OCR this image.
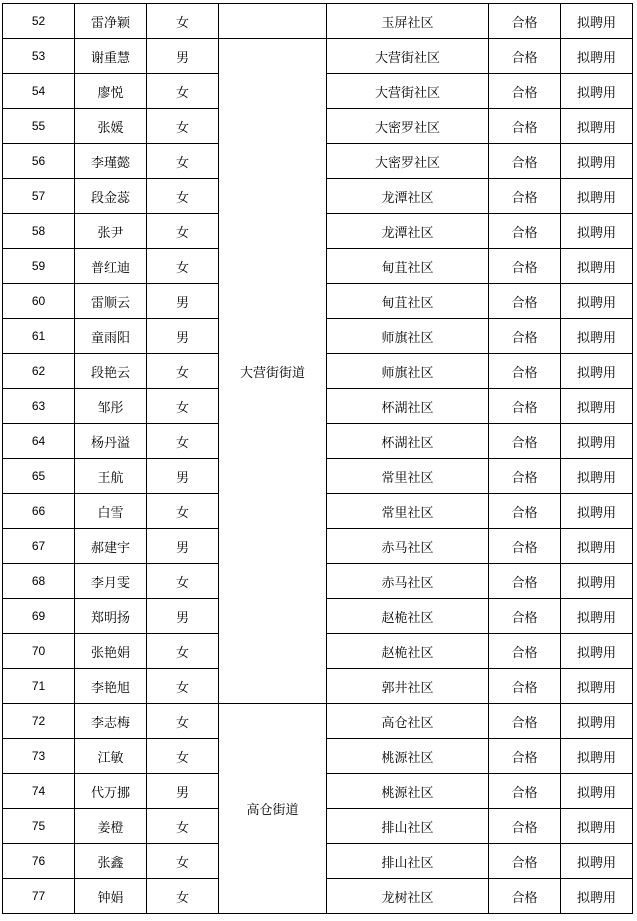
52	雷净颖	女		玉屏社区	合格	拟聘用
53	谢重慧	男	大营街街道	大营街社区	合格	拟聘用
54	廖悦	女		大营街社区	合格	拟聘用
55	张媛	女		大密罗社区	合格	拟聘用
56	李瑾懿	女		大密罗社区	合格	拟聘用
57	段金蕊	女		龙潭社区	合格	拟聘用
58	张尹	女		龙潭社区	合格	拟聘用
59	普红迪	女		甸苴社区	合格	拟聘用
60	雷顺云	男		甸苴社区	合格	拟聘用
61	童雨阳	男		师旗社区	合格	拟聘用
62	段艳云	女		师旗社区	合格	拟聘用
63	邹彤	女		杯湖社区	合格	拟聘用
64	杨丹溢	女		杯湖社区	合格	拟聘用
65	王航	男		常里社区	合格	拟聘用
66	白雪	女		常里社区	合格	拟聘用
67	郝建宇	男		赤马社区	合格	拟聘用
68	李月雯	女		赤马社区	合格	拟聘用
69	郑明扬	男		赵桅社区	合格	拟聘用
70	张艳娟	女		赵桅社区	合格	拟聘用
71	李艳旭	女		郭井社区	合格	拟聘用
72	李志梅	女	高仓街道	高仓社区	合格	拟聘用
73	江敏	女		桃源社区	合格	拟聘用
74	代万挪	男		桃源社区	合格	拟聘用
75	姜橙	女		排山社区	合格	拟聘用
76	张鑫	女		排山社区	合格	拟聘用
77	钟娟	女		龙树社区	合格	拟聘用
